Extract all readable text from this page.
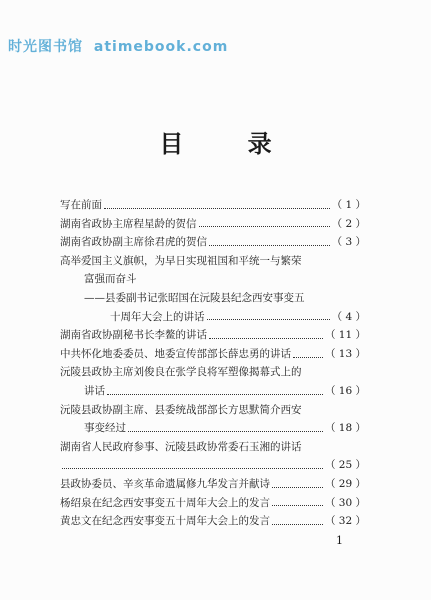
时光图书馆 atimebook.com
目 录
写在前面	（ 1 ）
湖南省政协主席程星龄的贺信	（ 2 ）
湖南省政协副主席徐君虎的贺信	（ 3 ）
高举爱国主义旗帜，为早日实现祖国和平统一与繁荣
富强而奋斗
——县委副书记张昭国在沅陵县纪念西安事变五
十周年大会上的讲话	（ 4 ）
湖南省政协副秘书长李鳌的讲话	（ 11 ）
中共怀化地委委员、地委宣传部部长薛忠勇的讲话	（ 13 ）
沅陵县政协主席刘俊良在张学良将军塑像揭幕式上的
讲话	（ 16 ）
沅陵县政协副主席、县委统战部部长方思默简介西安
事变经过	（ 18 ）
湖南省人民政府参事、沅陵县政协常委石玉湘的讲话
（ 25 ）
县政协委员、辛亥革命遗属修九华发言并献诗	（ 29 ）
杨绍泉在纪念西安事变五十周年大会上的发言	（ 30 ）
黄忠文在纪念西安事变五十周年大会上的发言	（ 32 ）
1
